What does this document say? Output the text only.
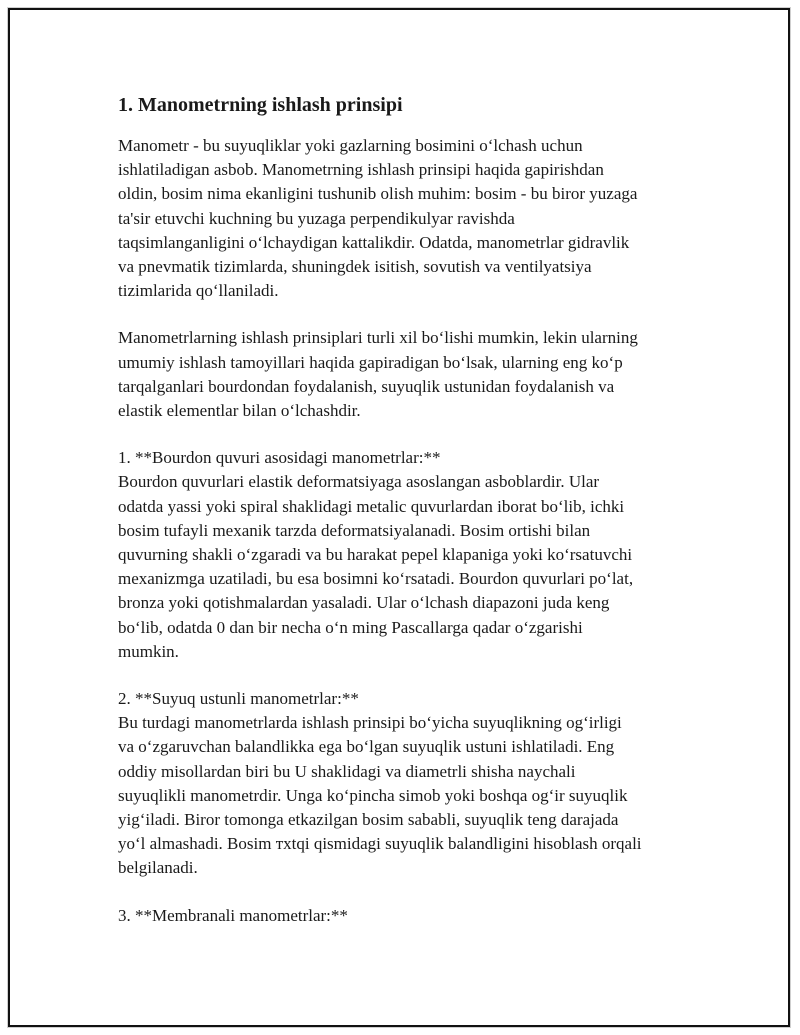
1. Manometrning ishlash prinsipi

Manometr - bu suyuqliklar yoki gazlarning bosimini o‘lchash uchun
ishlatiladigan asbob. Manometrning ishlash prinsipi haqida gapirishdan
oldin, bosim nima ekanligini tushunib olish muhim: bosim - bu biror yuzaga
ta'sir etuvchi kuchning bu yuzaga perpendikulyar ravishda
taqsimlanganligini o‘lchaydigan kattalikdir. Odatda, manometrlar gidravlik
va pnevmatik tizimlarda, shuningdek isitish, sovutish va ventilyatsiya
tizimlarida qo‘llaniladi.

Manometrlarning ishlash prinsiplari turli xil bo‘lishi mumkin, lekin ularning
umumiy ishlash tamoyillari haqida gapiradigan bo‘lsak, ularning eng ko‘p
tarqalganlari bourdondan foydalanish, suyuqlik ustunidan foydalanish va
elastik elementlar bilan o‘lchashdir.

1. **Bourdon quvuri asosidagi manometrlar:**
Bourdon quvurlari elastik deformatsiyaga asoslangan asboblardir. Ular
odatda yassi yoki spiral shaklidagi metalic quvurlardan iborat bo‘lib, ichki
bosim tufayli mexanik tarzda deformatsiyalanadi. Bosim ortishi bilan
quvurning shakli o‘zgaradi va bu harakat pepel klapaniga yoki ko‘rsatuvchi
mexanizmga uzatiladi, bu esa bosimni ko‘rsatadi. Bourdon quvurlari po‘lat,
bronza yoki qotishmalardan yasaladi. Ular o‘lchash diapazoni juda keng
bo‘lib, odatda 0 dan bir necha o‘n ming Pascallarga qadar o‘zgarishi
mumkin.

2. **Suyuq ustunli manometrlar:**
Bu turdagi manometrlarda ishlash prinsipi bo‘yicha suyuqlikning og‘irligi
va o‘zgaruvchan balandlikka ega bo‘lgan suyuqlik ustuni ishlatiladi. Eng
oddiy misollardan biri bu U shaklidagi va diametrli shisha naychali
suyuqlikli manometrdir. Unga ko‘pincha simob yoki boshqa og‘ir suyuqlik
yig‘iladi. Biror tomonga etkazilgan bosim sababli, suyuqlik teng darajada
yo‘l almashadi. Bosim тxtqi qismidagi suyuqlik balandligini hisoblash orqali
belgilanadi.

3. **Membranali manometrlar:**
